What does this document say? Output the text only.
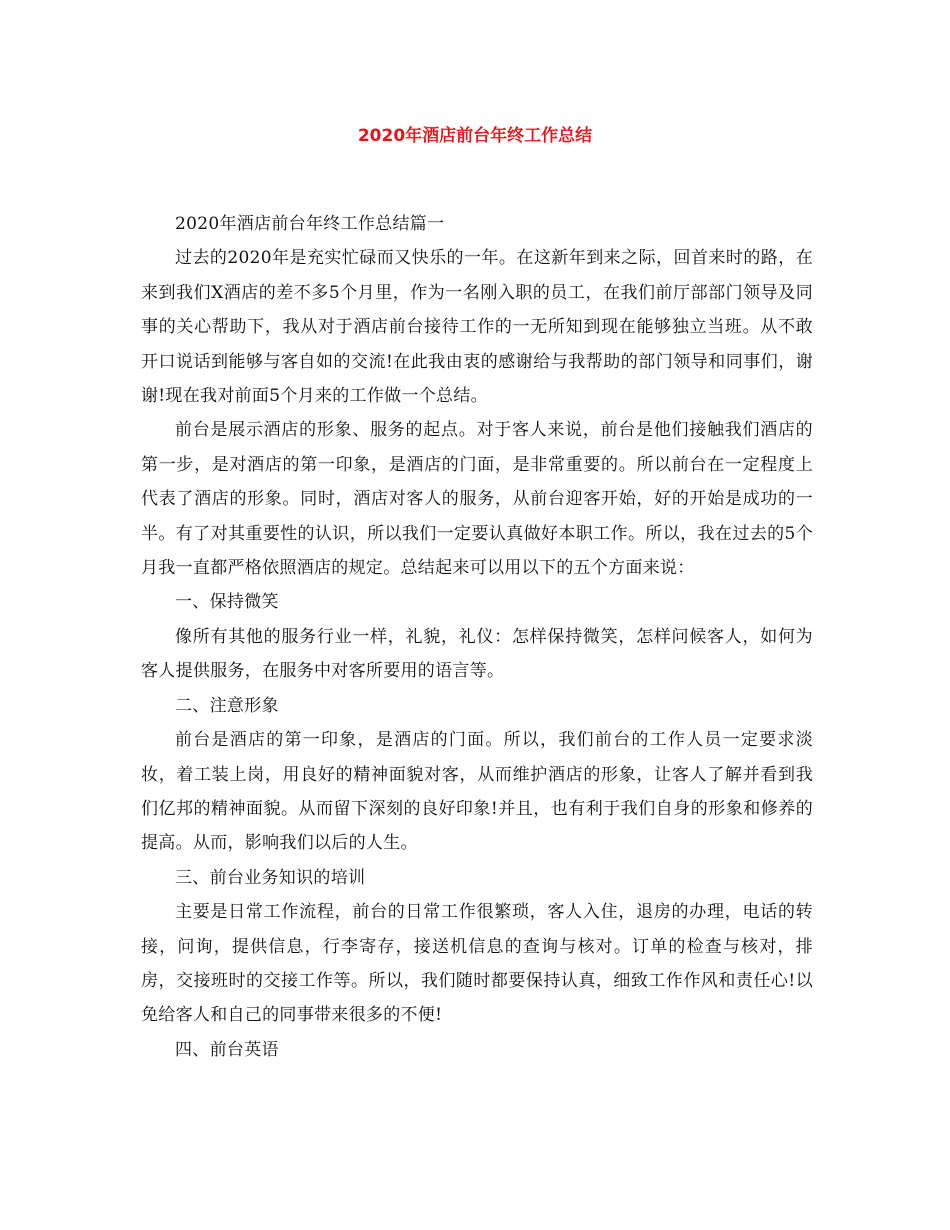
2020年酒店前台年终工作总结

2020年酒店前台年终工作总结篇一

过去的2020年是充实忙碌而又快乐的一年。在这新年到来之际，回首来时的路，在来到我们X酒店的差不多5个月里，作为一名刚入职的员工，在我们前厅部部门领导及同事的关心帮助下，我从对于酒店前台接待工作的一无所知到现在能够独立当班。从不敢开口说话到能够与客自如的交流!在此我由衷的感谢给与我帮助的部门领导和同事们，谢谢!现在我对前面5个月来的工作做一个总结。

前台是展示酒店的形象、服务的起点。对于客人来说，前台是他们接触我们酒店的第一步，是对酒店的第一印象，是酒店的门面，是非常重要的。所以前台在一定程度上代表了酒店的形象。同时，酒店对客人的服务，从前台迎客开始，好的开始是成功的一半。有了对其重要性的认识，所以我们一定要认真做好本职工作。所以，我在过去的5个月我一直都严格依照酒店的规定。总结起来可以用以下的五个方面来说：

一、保持微笑

像所有其他的服务行业一样，礼貌，礼仪：怎样保持微笑，怎样问候客人，如何为客人提供服务，在服务中对客所要用的语言等。

二、注意形象

前台是酒店的第一印象，是酒店的门面。所以，我们前台的工作人员一定要求淡妆，着工装上岗，用良好的精神面貌对客，从而维护酒店的形象，让客人了解并看到我们亿邦的精神面貌。从而留下深刻的良好印象!并且，也有利于我们自身的形象和修养的提高。从而，影响我们以后的人生。

三、前台业务知识的培训

主要是日常工作流程，前台的日常工作很繁琐，客人入住，退房的办理，电话的转接，问询，提供信息，行李寄存，接送机信息的查询与核对。订单的检查与核对，排房，交接班时的交接工作等。所以，我们随时都要保持认真，细致工作作风和责任心!以免给客人和自己的同事带来很多的不便!

四、前台英语
